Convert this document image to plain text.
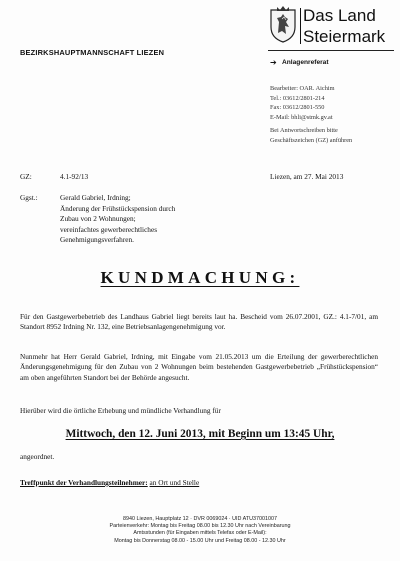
Das Land
Steiermark
BEZIRKSHAUPTMANNSCHAFT LIEZEN
➔ Anlagenreferat
Bearbeiter: OAR. Aichim
Tel.: 03612/2801-214
Fax: 03612/2801-550
E-Mail: bhli@stmk.gv.at
Bei Antwortschreiben bitte
Geschäftszeichen (GZ) anführen
GZ:	4.1-92/13	Liezen, am 27. Mai 2013
Ggst.:	Gerald Gabriel, Irdning;
Änderung der Frühstückspension durch
Zubau von 2 Wohnungen;
vereinfachtes gewerberechtliches
Genehmigungsverfahren.
KUNDMACHUNG:
Für den Gastgewerbebetrieb des Landhaus Gabriel liegt bereits laut ha. Bescheid vom 26.07.2001, GZ.: 4.1-7/01, am Standort 8952 Irdning Nr. 132, eine Betriebsanlagengenehmigung vor.
Nunmehr hat Herr Gerald Gabriel, Irdning, mit Eingabe vom 21.05.2013 um die Erteilung der gewerberechtlichen Änderungsgenehmigung für den Zubau von 2 Wohnungen beim bestehenden Gastgewerbebetrieb „Frühstückspension“ am oben angeführten Standort bei der Behörde angesucht.
Hierüber wird die örtliche Erhebung und mündliche Verhandlung für
Mittwoch, den 12. Juni 2013, mit Beginn um 13:45 Uhr,
angeordnet.
Treffpunkt der Verhandlungsteilnehmer: an Ort und Stelle
8940 Liezen, Hauptplatz 12 · DVR 0069024 · UID ATU37001007
Parteienverkehr: Montag bis Freitag 08.00 bis 12.30 Uhr nach Vereinbarung
Amtsstunden (für Eingaben mittels Telefax oder E-Mail):
Montag bis Donnerstag 08.00 - 15.00 Uhr und Freitag 08.00 - 12.30 Uhr
